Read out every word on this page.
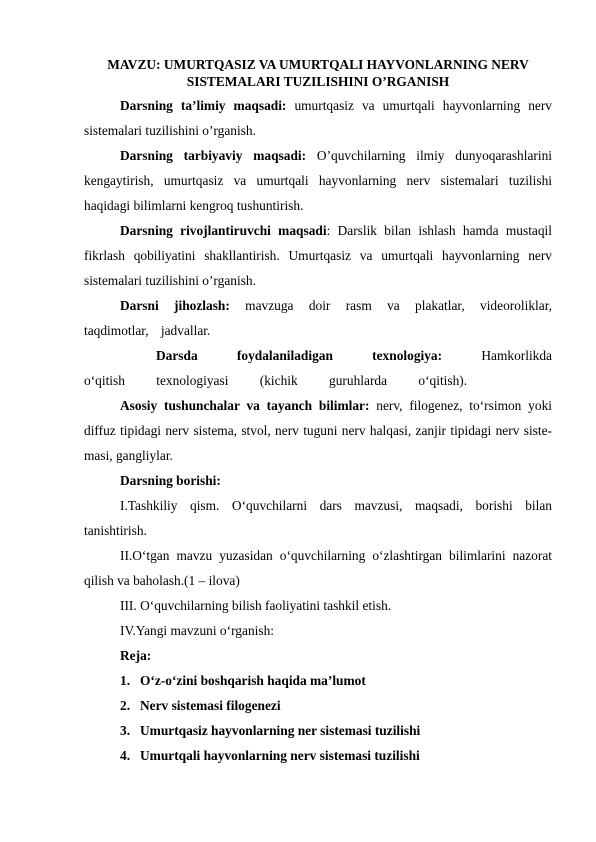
MAVZU: UMURTQASIZ VA UMURTQALI HAYVONLARNING NERV
SISTEMALARI TUZILISHINI O’RGANISH

Darsning ta’limiy maqsadi: umurtqasiz va umurtqali hayvonlarning nerv sistemalari tuzilishini o’rganish.

Darsning tarbiyaviy maqsadi: O’quvchilarning ilmiy dunyoqarashlarini kengaytirish, umurtqasiz va umurtqali hayvonlarning nerv sistemalari tuzilishi haqidagi bilimlarni kengroq tushuntirish.

Darsning rivojlantiruvchi maqsadi: Darslik bilan ishlash hamda mustaqil fikrlash qobiliyatini shakllantirish. Umurtqasiz va umurtqali hayvonlarning nerv sistemalari tuzilishini o’rganish.

Darsni jihozlash: mavzuga doir rasm va plakatlar, videoroliklar, taqdimotlar, jadvallar.

Darsda foydalaniladigan texnologiya: Hamkorlikda o‘qitish texnologiyasi (kichik guruhlarda o‘qitish).

Asosiy tushunchalar va tayanch bilimlar: nerv, filogenez, to‘rsimon yoki diffuz tipidagi nerv sistema, stvol, nerv tuguni nerv halqasi, zanjir tipidagi nerv siste- masi, gangliylar.

Darsning borishi:

I.Tashkiliy qism. O‘quvchilarni dars mavzusi, maqsadi, borishi bilan tanishtirish.

II.O‘tgan mavzu yuzasidan o‘quvchilarning o‘zlashtirgan bilimlarini nazorat qilish va baholash.(1 – ilova)

III. O‘quvchilarning bilish faoliyatini tashkil etish.

IV.Yangi mavzuni o‘rganish:

Reja:

1. O‘z-o‘zini boshqarish haqida ma’lumot

2. Nerv sistemasi filogenezi

3. Umurtqasiz hayvonlarning ner sistemasi tuzilishi

4. Umurtqali hayvonlarning nerv sistemasi tuzilishi
